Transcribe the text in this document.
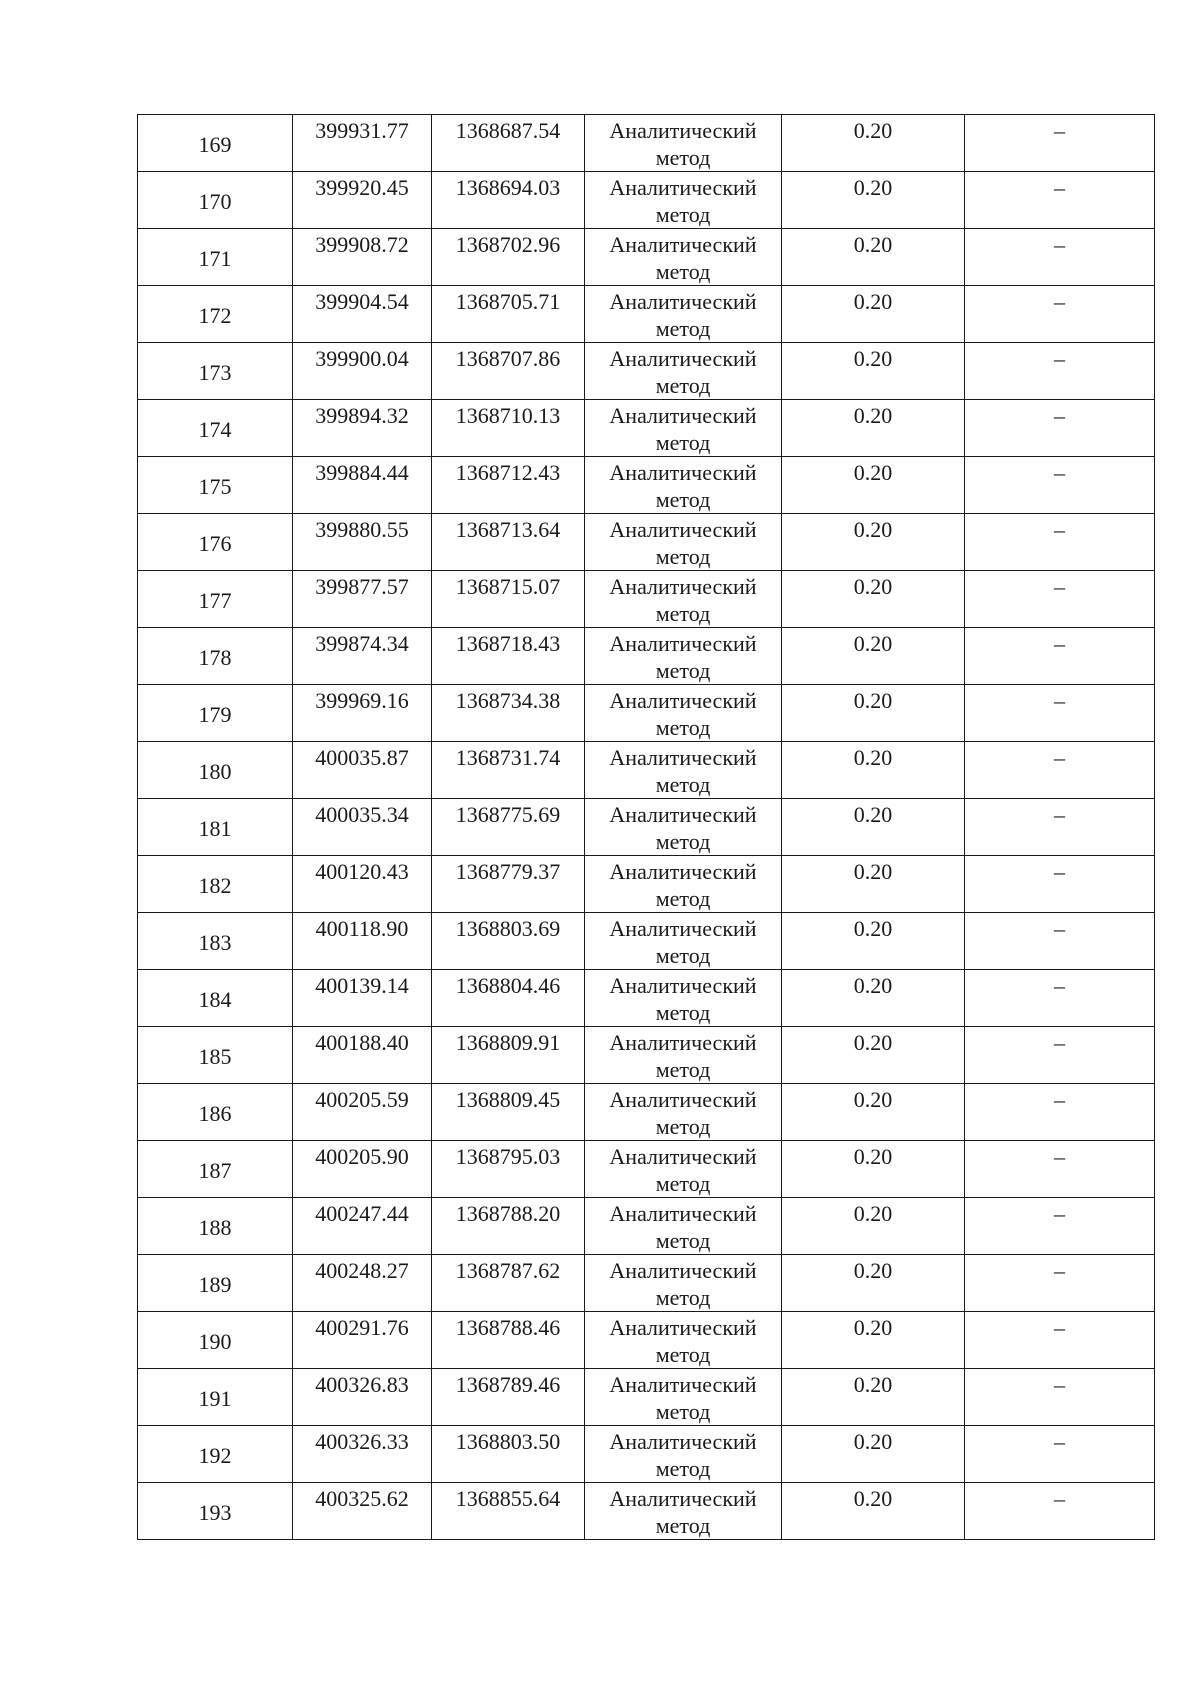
169	399931.77	1368687.54	Аналитический метод	0.20	–

170	399920.45	1368694.03	Аналитический метод	0.20	–

171	399908.72	1368702.96	Аналитический метод	0.20	–

172	399904.54	1368705.71	Аналитический метод	0.20	–

173	399900.04	1368707.86	Аналитический метод	0.20	–

174	399894.32	1368710.13	Аналитический метод	0.20	–

175	399884.44	1368712.43	Аналитический метод	0.20	–

176	399880.55	1368713.64	Аналитический метод	0.20	–

177	399877.57	1368715.07	Аналитический метод	0.20	–

178	399874.34	1368718.43	Аналитический метод	0.20	–

179	399969.16	1368734.38	Аналитический метод	0.20	–

180	400035.87	1368731.74	Аналитический метод	0.20	–

181	400035.34	1368775.69	Аналитический метод	0.20	–

182	400120.43	1368779.37	Аналитический метод	0.20	–

183	400118.90	1368803.69	Аналитический метод	0.20	–

184	400139.14	1368804.46	Аналитический метод	0.20	–

185	400188.40	1368809.91	Аналитический метод	0.20	–

186	400205.59	1368809.45	Аналитический метод	0.20	–

187	400205.90	1368795.03	Аналитический метод	0.20	–

188	400247.44	1368788.20	Аналитический метод	0.20	–

189	400248.27	1368787.62	Аналитический метод	0.20	–

190	400291.76	1368788.46	Аналитический метод	0.20	–

191	400326.83	1368789.46	Аналитический метод	0.20	–

192	400326.33	1368803.50	Аналитический метод	0.20	–

193	400325.62	1368855.64	Аналитический метод	0.20	–
